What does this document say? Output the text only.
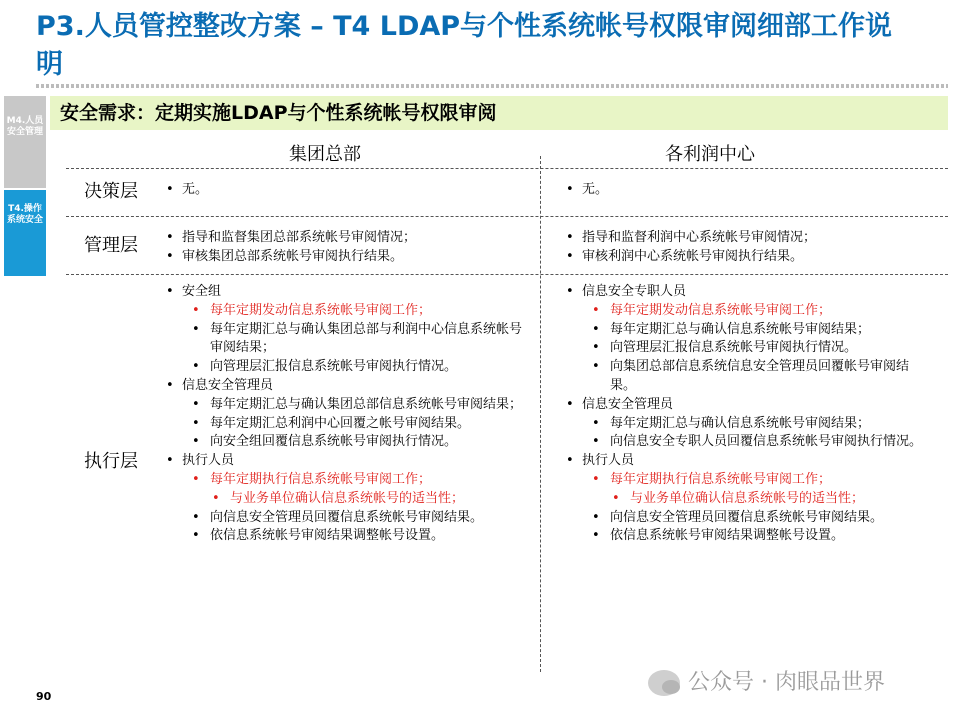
P3.人员管控整改方案 – T4 LDAP与个性系统帐号权限审阅细部工作说明
M4.人员安全管理
T4.操作系统安全
安全需求：定期实施LDAP与个性系统帐号权限审阅
集团总部	各利润中心
决策层
管理层
执行层
• 无。	• 无。
• 指导和监督集团总部系统帐号审阅情况；
• 审核集团总部系统帐号审阅执行结果。
• 指导和监督利润中心系统帐号审阅情况；
• 审核利润中心系统帐号审阅执行结果。
• 安全组
• 每年定期发动信息系统帐号审阅工作；
• 每年定期汇总与确认集团总部与利润中心信息系统帐号审阅结果；
• 向管理层汇报信息系统帐号审阅执行情况。
• 信息安全管理员
• 每年定期汇总与确认集团总部信息系统帐号审阅结果；
• 每年定期汇总利润中心回覆之帐号审阅结果。
• 向安全组回覆信息系统帐号审阅执行情况。
• 执行人员
• 每年定期执行信息系统帐号审阅工作；
• 与业务单位确认信息系统帐号的适当性；
• 向信息安全管理员回覆信息系统帐号审阅结果。
• 依信息系统帐号审阅结果调整帐号设置。
• 信息安全专职人员
• 每年定期发动信息系统帐号审阅工作；
• 每年定期汇总与确认信息系统帐号审阅结果；
• 向管理层汇报信息系统帐号审阅执行情况。
• 向集团总部信息系统信息安全管理员回覆帐号审阅结果。
• 信息安全管理员
• 每年定期汇总与确认信息系统帐号审阅结果；
• 向信息安全专职人员回覆信息系统帐号审阅执行情况。
• 执行人员
• 每年定期执行信息系统帐号审阅工作；
• 与业务单位确认信息系统帐号的适当性；
• 向信息安全管理员回覆信息系统帐号审阅结果。
• 依信息系统帐号审阅结果调整帐号设置。
90
公众号 · 肉眼品世界
